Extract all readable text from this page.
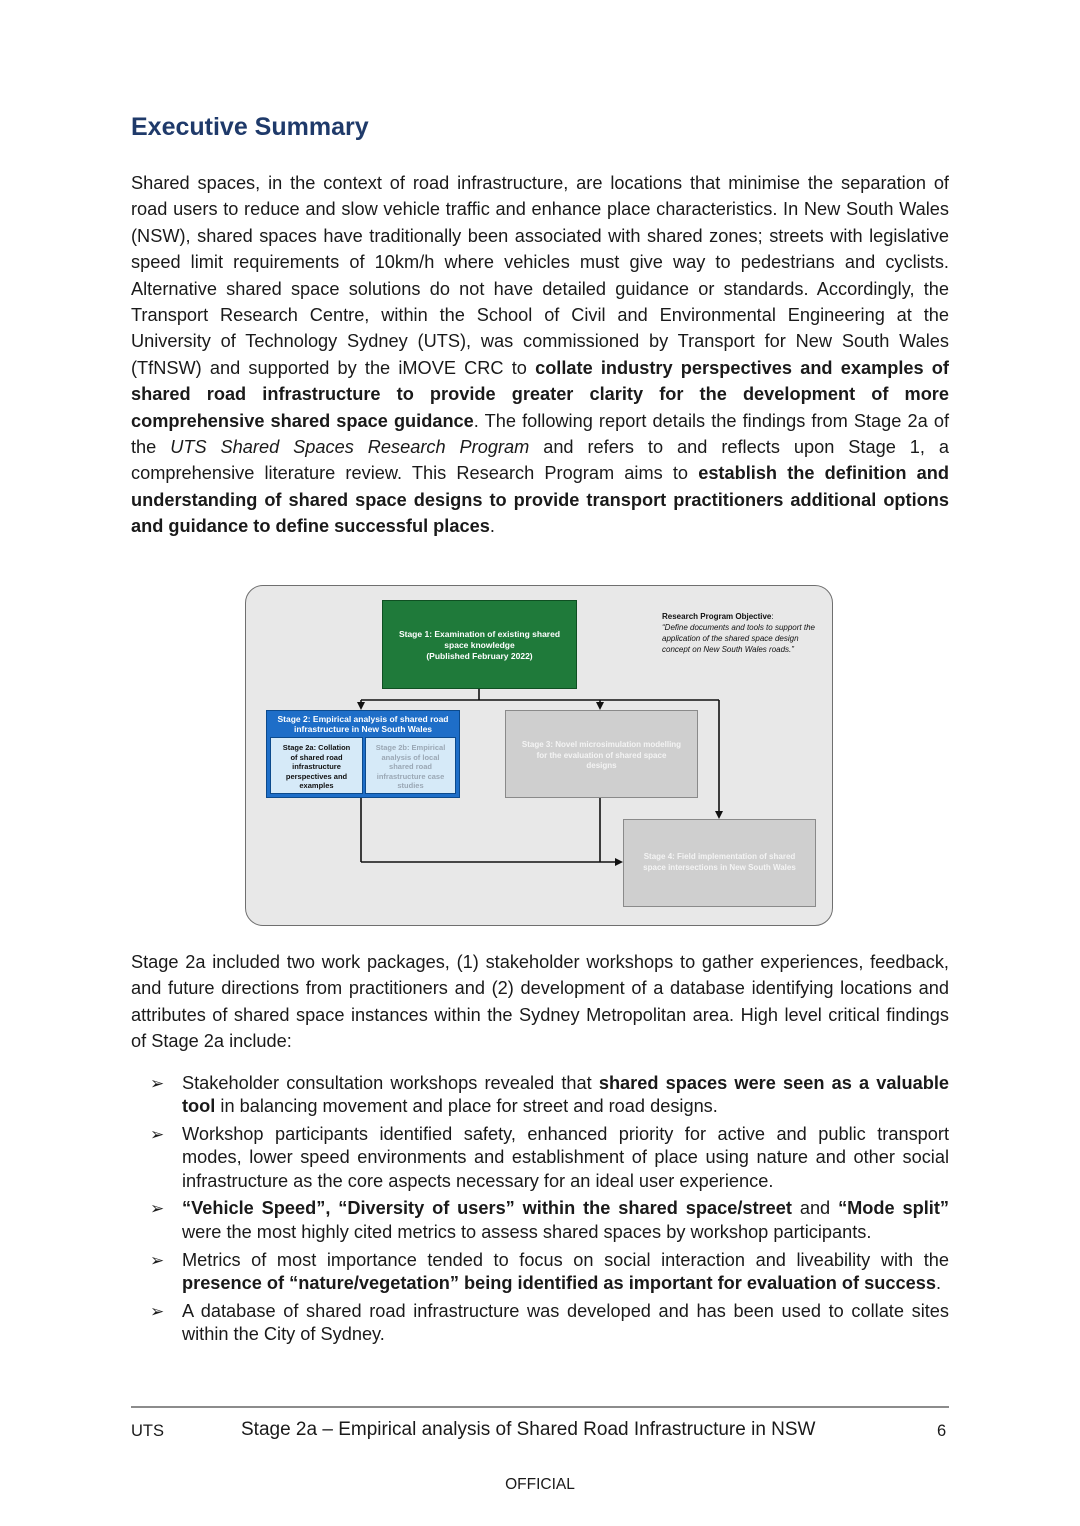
Executive Summary

Shared spaces, in the context of road infrastructure, are locations that minimise the separation of road users to reduce and slow vehicle traffic and enhance place characteristics. In New South Wales (NSW), shared spaces have traditionally been associated with shared zones; streets with legislative speed limit requirements of 10km/h where vehicles must give way to pedestrians and cyclists. Alternative shared space solutions do not have detailed guidance or standards. Accordingly, the Transport Research Centre, within the School of Civil and Environmental Engineering at the University of Technology Sydney (UTS), was commissioned by Transport for New South Wales (TfNSW) and supported by the iMOVE CRC to collate industry perspectives and examples of shared road infrastructure to provide greater clarity for the development of more comprehensive shared space guidance. The following report details the findings from Stage 2a of the UTS Shared Spaces Research Program and refers to and reflects upon Stage 1, a comprehensive literature review. This Research Program aims to establish the definition and understanding of shared space designs to provide transport practitioners additional options and guidance to define successful places.

Stage 1: Examination of existing shared
space knowledge
(Published February 2022)
Research Program Objective:
“Define documents and tools to support the application of the shared space design concept on New South Wales roads.”
Stage 2: Empirical analysis of shared road
infrastructure in New South Wales
Stage 2a: Collation
of shared road
infrastructure
perspectives and
examples
Stage 2b: Empirical
analysis of local
shared road
infrastructure case
studies
Stage 3: Novel microsimulation modelling
for the evaluation of shared space
designs
Stage 4: Field implementation of shared
space intersections in New South Wales

Stage 2a included two work packages, (1) stakeholder workshops to gather experiences, feedback, and future directions from practitioners and (2) development of a database identifying locations and attributes of shared space instances within the Sydney Metropolitan area. High level critical findings of Stage 2a include:

➢ Stakeholder consultation workshops revealed that shared spaces were seen as a valuable tool in balancing movement and place for street and road designs.
➢ Workshop participants identified safety, enhanced priority for active and public transport modes, lower speed environments and establishment of place using nature and other social infrastructure as the core aspects necessary for an ideal user experience.
➢ “Vehicle Speed”, “Diversity of users” within the shared space/street and “Mode split” were the most highly cited metrics to assess shared spaces by workshop participants.
➢ Metrics of most importance tended to focus on social interaction and liveability with the presence of “nature/vegetation” being identified as important for evaluation of success.
➢ A database of shared road infrastructure was developed and has been used to collate sites within the City of Sydney.
UTS	Stage 2a – Empirical analysis of Shared Road Infrastructure in NSW	6
OFFICIAL
